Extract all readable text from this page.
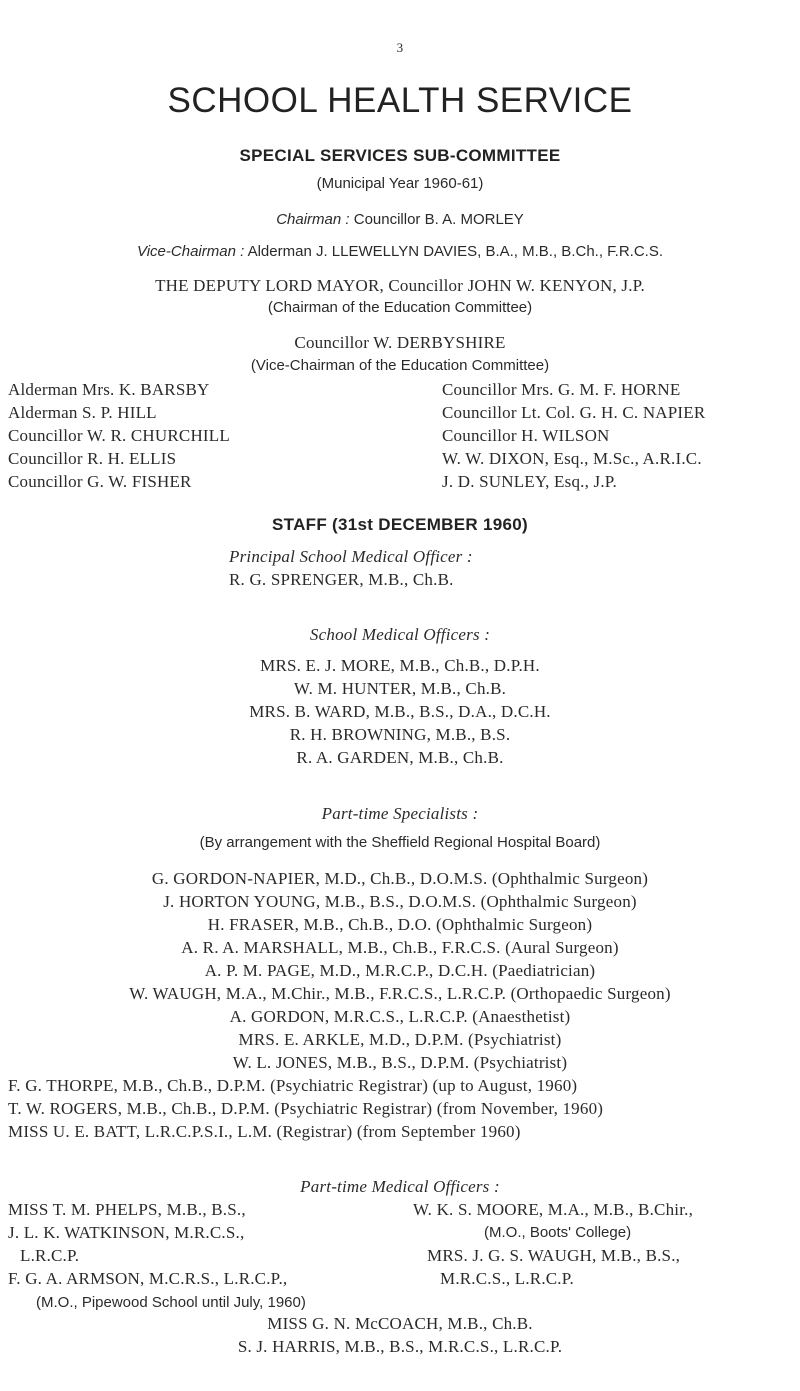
3
SCHOOL HEALTH SERVICE
SPECIAL SERVICES SUB-COMMITTEE
(Municipal Year 1960-61)
Chairman : Councillor B. A. MORLEY
Vice-Chairman : Alderman J. LLEWELLYN DAVIES, B.A., M.B., B.Ch., F.R.C.S.
THE DEPUTY LORD MAYOR, Councillor JOHN W. KENYON, J.P.
(Chairman of the Education Committee)
Councillor W. DERBYSHIRE
(Vice-Chairman of the Education Committee)
Alderman Mrs. K. BARSBY
Alderman S. P. HILL
Councillor W. R. CHURCHILL
Councillor R. H. ELLIS
Councillor G. W. FISHER
Councillor Mrs. G. M. F. HORNE
Councillor Lt. Col. G. H. C. NAPIER
Councillor H. WILSON
W. W. DIXON, Esq., M.Sc., A.R.I.C.
J. D. SUNLEY, Esq., J.P.
STAFF (31st DECEMBER 1960)
Principal School Medical Officer :
R. G. SPRENGER, M.B., Ch.B.
School Medical Officers :
MRS. E. J. MORE, M.B., Ch.B., D.P.H.
W. M. HUNTER, M.B., Ch.B.
MRS. B. WARD, M.B., B.S., D.A., D.C.H.
R. H. BROWNING, M.B., B.S.
R. A. GARDEN, M.B., Ch.B.
Part-time Specialists :
(By arrangement with the Sheffield Regional Hospital Board)
G. GORDON-NAPIER, M.D., Ch.B., D.O.M.S. (Ophthalmic Surgeon)
J. HORTON YOUNG, M.B., B.S., D.O.M.S. (Ophthalmic Surgeon)
H. FRASER, M.B., Ch.B., D.O. (Ophthalmic Surgeon)
A. R. A. MARSHALL, M.B., Ch.B., F.R.C.S. (Aural Surgeon)
A. P. M. PAGE, M.D., M.R.C.P., D.C.H. (Paediatrician)
W. WAUGH, M.A., M.Chir., M.B., F.R.C.S., L.R.C.P. (Orthopaedic Surgeon)
A. GORDON, M.R.C.S., L.R.C.P. (Anaesthetist)
MRS. E. ARKLE, M.D., D.P.M. (Psychiatrist)
W. L. JONES, M.B., B.S., D.P.M. (Psychiatrist)
F. G. THORPE, M.B., Ch.B., D.P.M. (Psychiatric Registrar) (up to August, 1960)
T. W. ROGERS, M.B., Ch.B., D.P.M. (Psychiatric Registrar) (from November, 1960)
MISS U. E. BATT, L.R.C.P.S.I., L.M. (Registrar) (from September 1960)
Part-time Medical Officers :
MISS T. M. PHELPS, M.B., B.S.,
J. L. K. WATKINSON, M.R.C.S.,
L.R.C.P.
F. G. A. ARMSON, M.C.R.S., L.R.C.P.,
(M.O., Pipewood School until July, 1960)
W. K. S. MOORE, M.A., M.B., B.Chir.,
(M.O., Boots' College)
MRS. J. G. S. WAUGH, M.B., B.S.,
M.R.C.S., L.R.C.P.
MISS G. N. McCOACH, M.B., Ch.B.
S. J. HARRIS, M.B., B.S., M.R.C.S., L.R.C.P.
